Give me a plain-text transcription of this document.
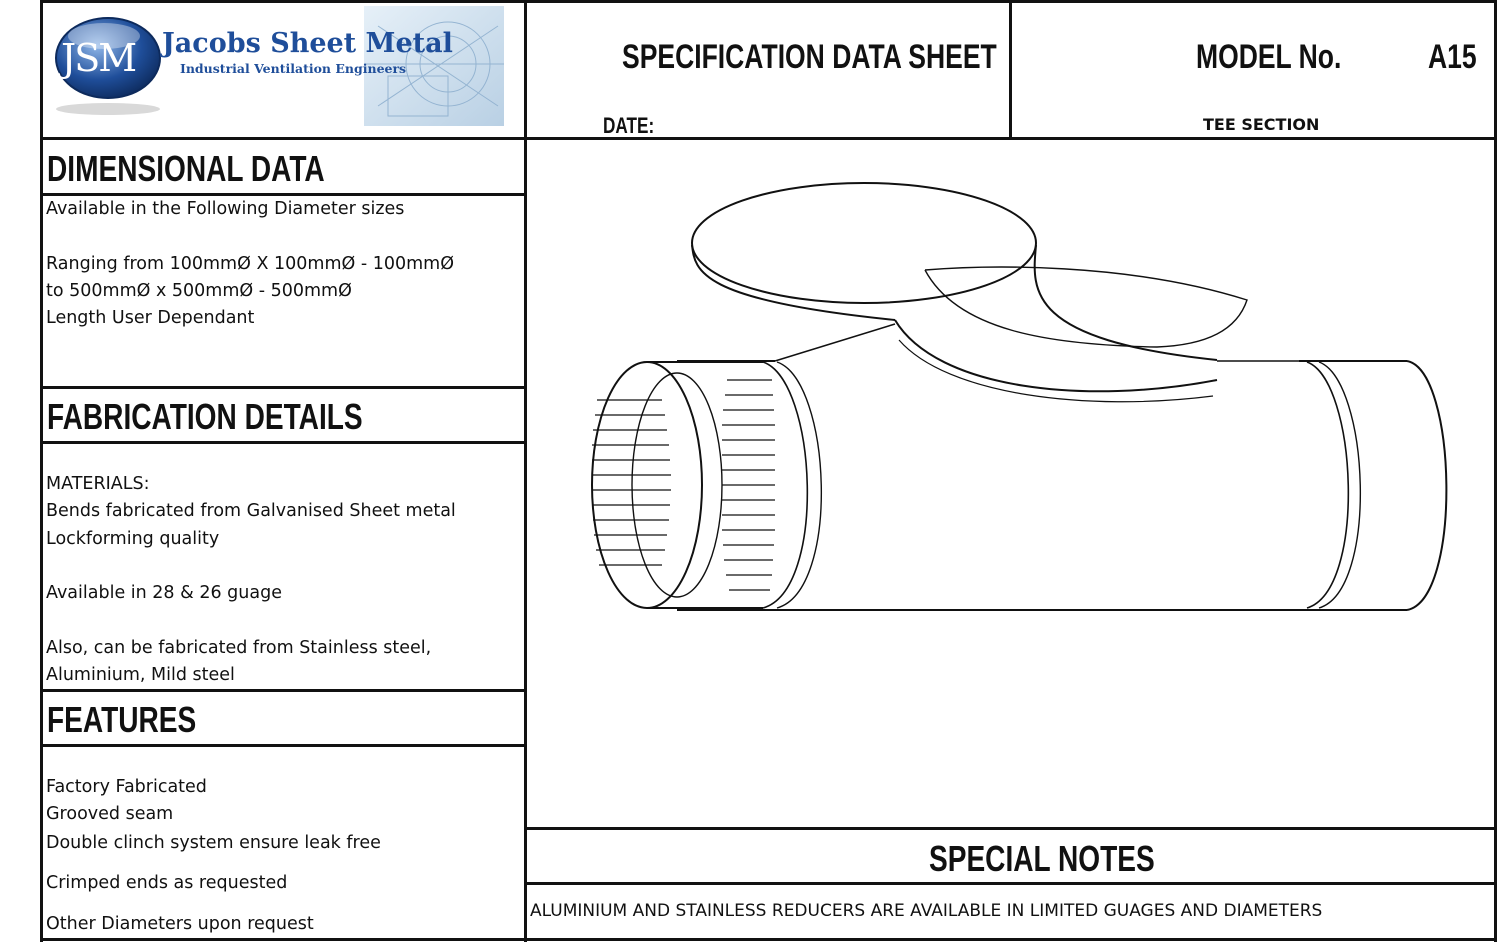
JSM Jacobs Sheet Metal
Industrial Ventilation Engineers	SPECIFICATION DATA SHEET
DATE:
MODEL No.	A15
TEE SECTION
DIMENSIONAL DATA
Available in the Following Diameter sizes
Ranging from 100mmØ X 100mmØ - 100mmØ
to 500mmØ x 500mmØ - 500mmØ
Length User Dependant
FABRICATION DETAILS
MATERIALS:
Bends fabricated from Galvanised Sheet metal
Lockforming quality
Available in 28 & 26 guage
Also, can be fabricated from Stainless steel,
Aluminium, Mild steel
FEATURES
Factory Fabricated
Grooved seam
Double clinch system ensure leak free
Crimped ends as requested
Other Diameters upon request
SPECIAL NOTES
ALUMINIUM AND STAINLESS REDUCERS ARE AVAILABLE IN LIMITED GUAGES AND DIAMETERS
